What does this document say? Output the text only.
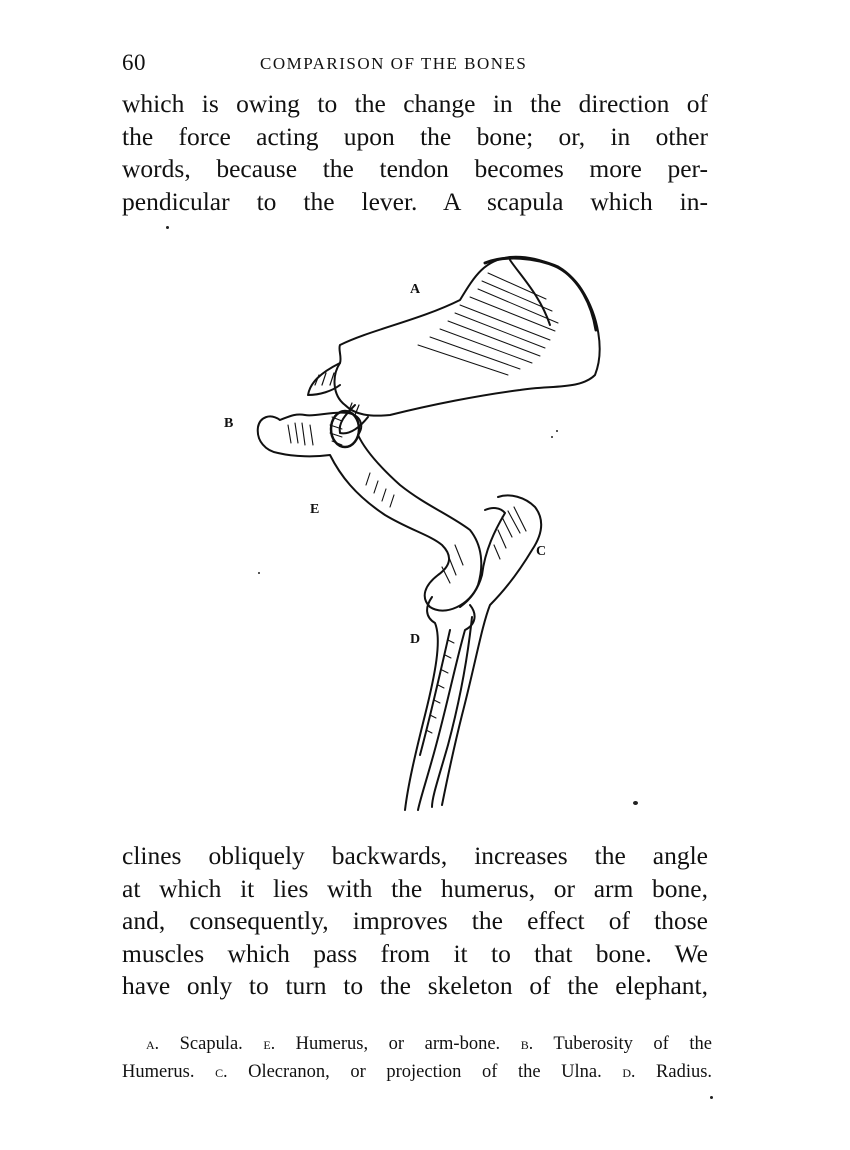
60	COMPARISON OF THE BONES
which is owing to the change in the direction of
the force acting upon the bone; or, in other
words, because the tendon becomes more per-
pendicular to the lever. A scapula which in-
A
B
C
D
E
clines obliquely backwards, increases the angle
at which it lies with the humerus, or arm bone,
and, consequently, improves the effect of those
muscles which pass from it to that bone. We
have only to turn to the skeleton of the elephant,
a. Scapula. e. Humerus, or arm-bone. b. Tuberosity of the
Humerus. c. Olecranon, or projection of the Ulna. d. Radius.
